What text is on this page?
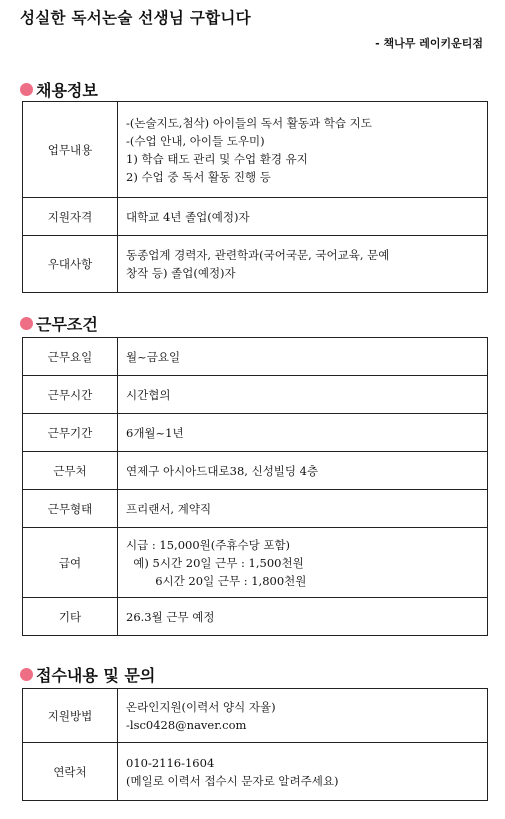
성실한 독서논술 선생님 구합니다
- 책나무 레이키운티점
채용정보
업무내용	-(논술지도,첨삭) 아이들의 독서 활동과 학습 지도
-(수업 안내, 아이들 도우미)
1) 학습 태도 관리 및 수업 환경 유지
2) 수업 중 독서 활동 진행 등

지원자격	대학교 4년 졸업(예정)자

우대사항	동종업계 경력자, 관련학과(국어국문, 국어교육, 문예
창작 등) 졸업(예정)자
근무조건
근무요일	월~금요일

근무시간	시간협의

근무기간	6개월~1년

근무처	연제구 아시아드대로38, 신성빌딩 4층

근무형태	프리랜서, 계약직

급여	시급 : 15,000원(주휴수당 포함)
예) 5시간 20일 근무 : 1,500천원
6시간 20일 근무 : 1,800천원

기타	26.3월 근무 예정
접수내용 및 문의
지원방법	온라인지원(이력서 양식 자율)
-lsc0428@naver.com

연락처	010-2116-1604
(메일로 이력서 접수시 문자로 알려주세요)
